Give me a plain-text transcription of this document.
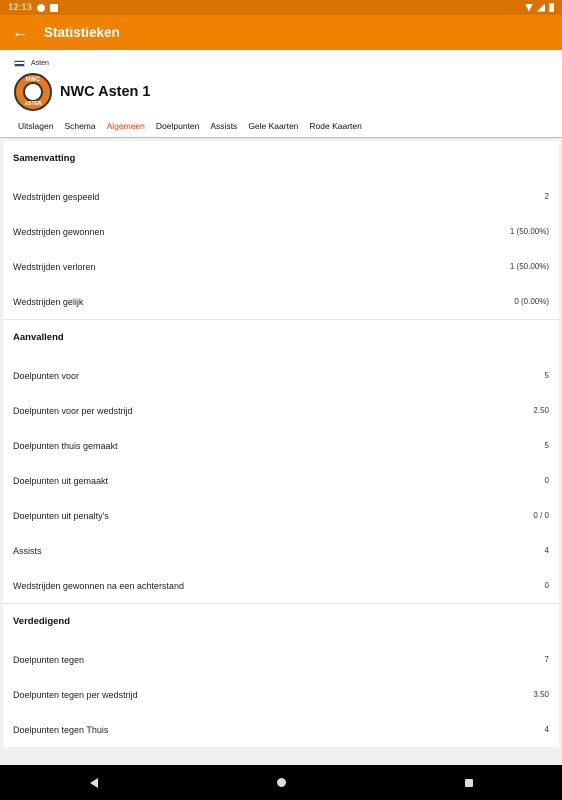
12:13
←	Statistieken
Asten
NWC
ASTEN
NWC Asten 1
Uitslagen Schema Algemeen Doelpunten Assists Gele Kaarten Rode Kaarten
Samenvatting
Wedstrijden gespeeld	2
Wedstrijden gewonnen	1 (50.00%)
Wedstrijden verloren	1 (50.00%)
Wedstrijden gelijk	0 (0.00%)
Aanvallend
Doelpunten voor	5
Doelpunten voor per wedstrijd	2.50
Doelpunten thuis gemaakt	5
Doelpunten uit gemaakt	0
Doelpunten uit penalty's	0 / 0
Assists	4
Wedstrijden gewonnen na een achterstand	0
Verdedigend
Doelpunten tegen	7
Doelpunten tegen per wedstrijd	3.50
Doelpunten tegen Thuis	4
